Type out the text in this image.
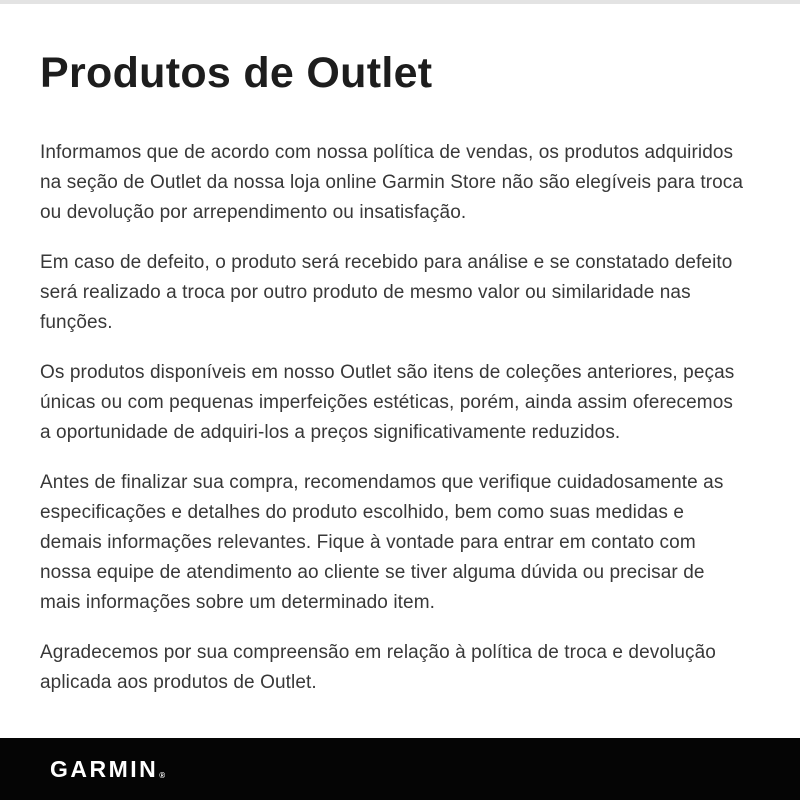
Produtos de Outlet

Informamos que de acordo com nossa política de vendas, os produtos adquiridos na seção de Outlet da nossa loja online Garmin Store não são elegíveis para troca ou devolução por arrependimento ou insatisfação.

Em caso de defeito, o produto será recebido para análise e se constatado defeito será realizado a troca por outro produto de mesmo valor ou similaridade nas funções.

Os produtos disponíveis em nosso Outlet são itens de coleções anteriores, peças únicas ou com pequenas imperfeições estéticas, porém, ainda assim oferecemos a oportunidade de adquiri-los a preços significativamente reduzidos.

Antes de finalizar sua compra, recomendamos que verifique cuidadosamente as especificações e detalhes do produto escolhido, bem como suas medidas e demais informações relevantes. Fique à vontade para entrar em contato com nossa equipe de atendimento ao cliente se tiver alguma dúvida ou precisar de mais informações sobre um determinado item.

Agradecemos por sua compreensão em relação à política de troca e devolução aplicada aos produtos de Outlet.

GARMIN ®
